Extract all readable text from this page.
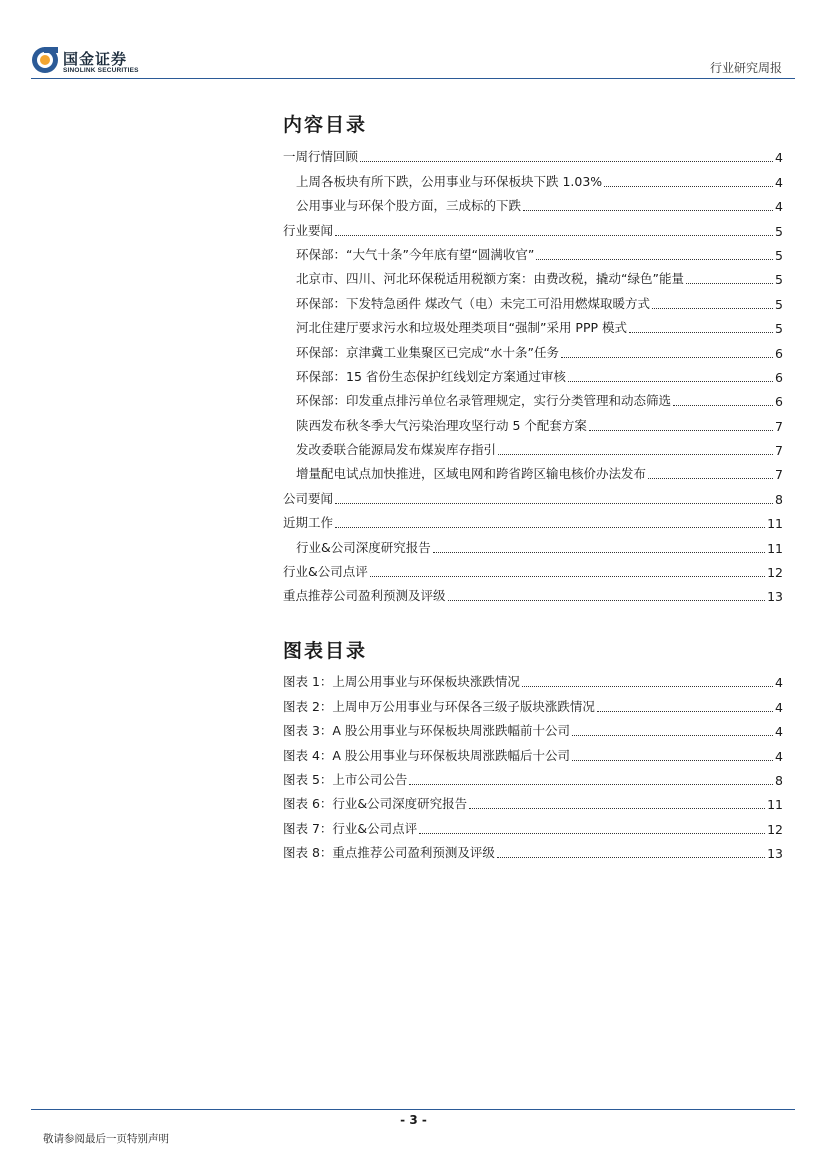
国金证券
SINOLINK SECURITIES	行业研究周报
内容目录
一周行情回顾	4
上周各板块有所下跌，公用事业与环保板块下跌 1.03%	4
公用事业与环保个股方面，三成标的下跌	4
行业要闻	5
环保部：“大气十条”今年底有望“圆满收官”	5
北京市、四川、河北环保税适用税额方案：由费改税，撬动“绿色”能量	5
环保部：下发特急函件 煤改气（电）未完工可沿用燃煤取暖方式	5
河北住建厅要求污水和垃圾处理类项目“强制”采用 PPP 模式	5
环保部：京津冀工业集聚区已完成“水十条”任务	6
环保部：15 省份生态保护红线划定方案通过审核	6
环保部：印发重点排污单位名录管理规定，实行分类管理和动态筛选	6
陕西发布秋冬季大气污染治理攻坚行动 5 个配套方案	7
发改委联合能源局发布煤炭库存指引	7
增量配电试点加快推进，区域电网和跨省跨区输电核价办法发布	7
公司要闻	8
近期工作	11
行业&公司深度研究报告	11
行业&公司点评	12
重点推荐公司盈利预测及评级	13
图表目录
图表 1：上周公用事业与环保板块涨跌情况	4
图表 2：上周申万公用事业与环保各三级子版块涨跌情况	4
图表 3：A 股公用事业与环保板块周涨跌幅前十公司	4
图表 4：A 股公用事业与环保板块周涨跌幅后十公司	4
图表 5：上市公司公告	8
图表 6：行业&公司深度研究报告	11
图表 7：行业&公司点评	12
图表 8：重点推荐公司盈利预测及评级	13
- 3 -
敬请参阅最后一页特别声明
